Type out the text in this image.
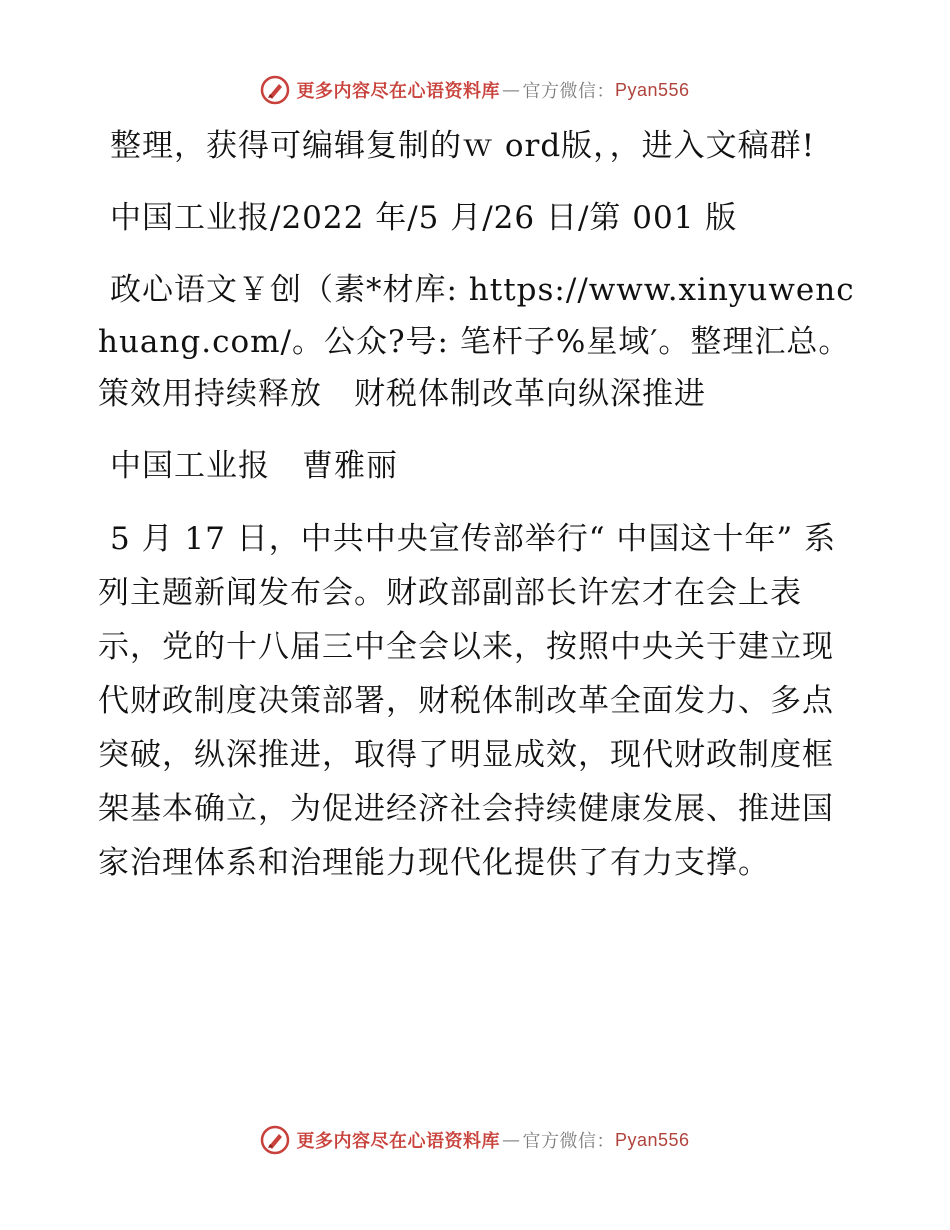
更多内容尽在心语资料库 — 官方微信： Pyan556

整理，获得可编辑复制的ｗ ord版，，进入文稿群!

中国工业报/2022 年/5 月/26 日/第 001 版

政心语文￥创（素*材库: https://www.xinyuwenchuang.com/。公众?号: 笔杆子%星域′。整理汇总。策效用持续释放　财税体制改革向纵深推进

中国工业报　曹雅丽

5 月 17 日，中共中央宣传部举行“ 中国这十年” 系列主题新闻发布会。财政部副部长许宏才在会上表示，党的十八届三中全会以来，按照中央关于建立现代财政制度决策部署，财税体制改革全面发力、多点突破，纵深推进，取得了明显成效，现代财政制度框架基本确立，为促进经济社会持续健康发展、推进国家治理体系和治理能力现代化提供了有力支撑。

更多内容尽在心语资料库 — 官方微信： Pyan556
